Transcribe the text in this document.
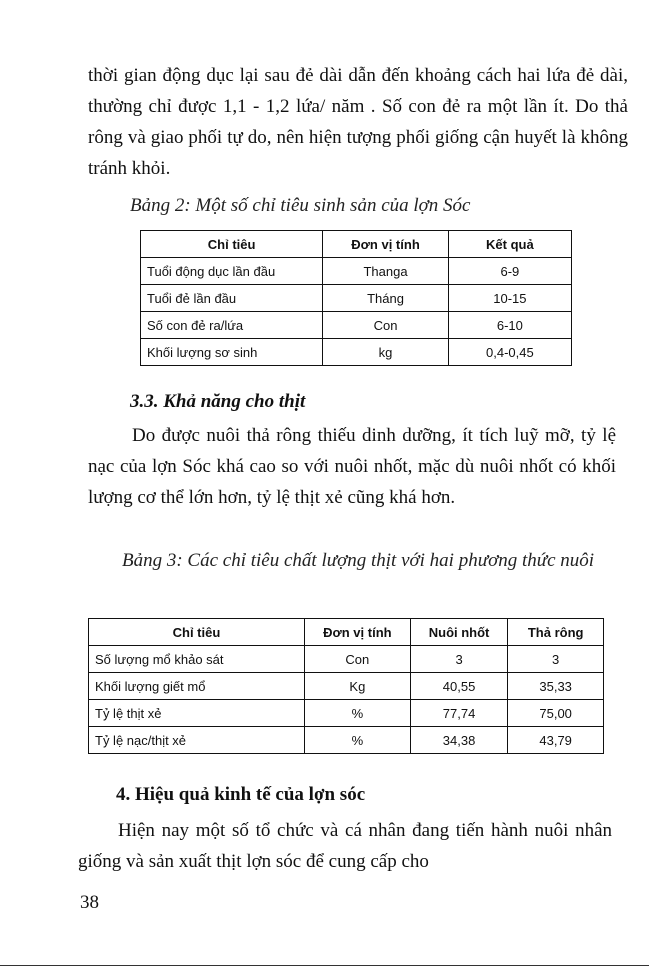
thời gian động dục lại sau đẻ dài dẫn đến khoảng cách hai lứa đẻ dài, thường chỉ được 1,1 - 1,2 lứa/ năm . Số con đẻ ra một lần ít. Do thả rông và giao phối tự do, nên hiện tượng phối giống cận huyết là không tránh khỏi.

Bảng 2: Một số chỉ tiêu sinh sản của lợn Sóc

Chỉ tiêu	Đơn vị tính	Kết quả
Tuổi động dục lần đầu	Thanga	6-9
Tuổi đẻ lần đầu	Tháng	10-15
Số con đẻ ra/lứa	Con	6-10
Khối lượng sơ sinh	kg	0,4-0,45
3.3. Khả năng cho thịt

Do được nuôi thả rông thiếu dinh dưỡng, ít tích luỹ mỡ, tỷ lệ nạc của lợn Sóc khá cao so với nuôi nhốt, mặc dù nuôi nhốt có khối lượng cơ thể lớn hơn, tỷ lệ thịt xẻ cũng khá hơn.

Bảng 3: Các chỉ tiêu chất lượng thịt với hai phương thức nuôi

Chỉ tiêu	Đơn vị tính	Nuôi nhốt	Thả rông
Số lượng mổ khảo sát	Con	3	3
Khối lượng giết mổ	Kg	40,55	35,33
Tỷ lệ thịt xẻ	%	77,74	75,00
Tỷ lệ nạc/thịt xẻ	%	34,38	43,79
4. Hiệu quả kinh tế của lợn sóc

Hiện nay một số tổ chức và cá nhân đang tiến hành nuôi nhân giống và sản xuất thịt lợn sóc để cung cấp cho

38
